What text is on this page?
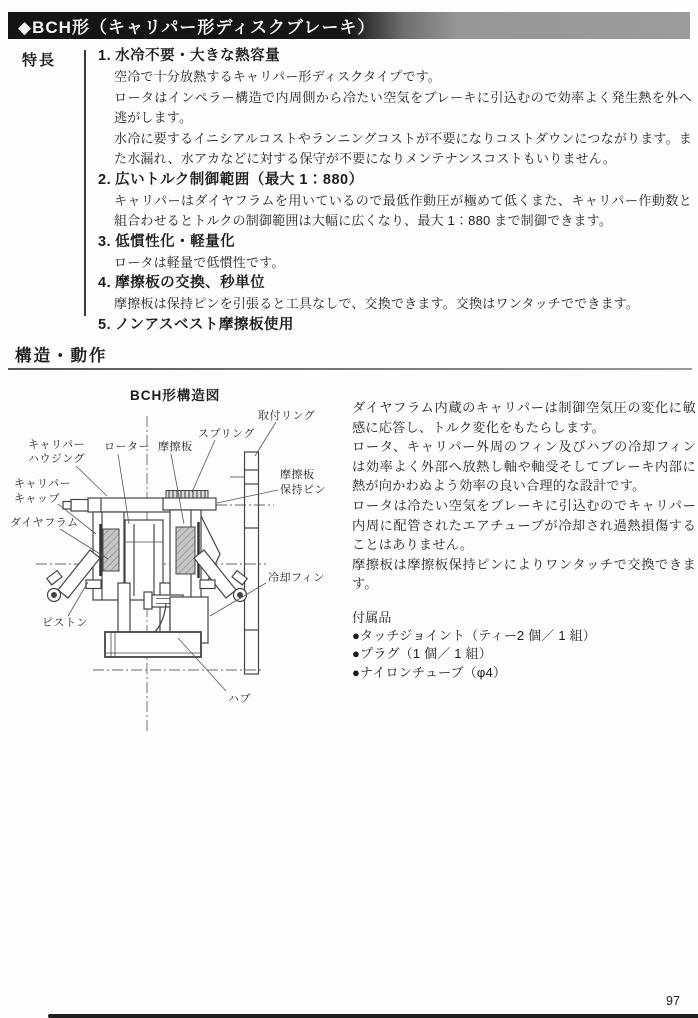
◆BCH形（キャリパー形ディスクブレーキ）
特長	1. 水冷不要・大きな熱容量

空冷で十分放熱するキャリパー形ディスクタイプです。

ロータはインペラー構造で内周側から冷たい空気をブレーキに引込むので効率よく発生熱を外へ逃がします。

水冷に要するイニシアルコストやランニングコストが不要になりコストダウンにつながります。また水漏れ、水アカなどに対する保守が不要になりメンテナンスコストもいりません。

2. 広いトルク制御範囲（最大 1：880）

キャリパーはダイヤフラムを用いているので最低作動圧が極めて低くまた、キャリパー作動数と組合わせるとトルクの制御範囲は大幅に広くなり、最大 1：880 まで制御できます。

3. 低慣性化・軽量化

ロータは軽量で低慣性です。

4. 摩擦板の交換、秒単位

摩擦板は保持ピンを引張ると工具なしで、交換できます。交換はワンタッチでできます。

5. ノンアスベスト摩擦板使用
構造・動作
BCH形構造図
キャリパー
ハウジング
ローター 摩擦板
スプリング
取付リング
摩擦板
保持ピン
キャリパー
キャップ
ダイヤフラム
ピストン
冷却フィン
ハブ

ダイヤフラム内蔵のキャリパーは制御空気圧の変化に敏感に応答し、トルク変化をもたらします。

ロータ、キャリパー外周のフィン及びハブの冷却フィンは効率よく外部へ放熱し軸や軸受そしてブレーキ内部に熱が向かわぬよう効率の良い合理的な設計です。

ロータは冷たい空気をブレーキに引込むのでキャリパー内周に配管されたエアチューブが冷却され過熱損傷することはありません。

摩擦板は摩擦板保持ピンによりワンタッチで交換できます。

付属品

●タッチジョイント（ティー2 個／ 1 組）

●プラグ（1 個／ 1 組）

●ナイロンチューブ（φ4）

97
